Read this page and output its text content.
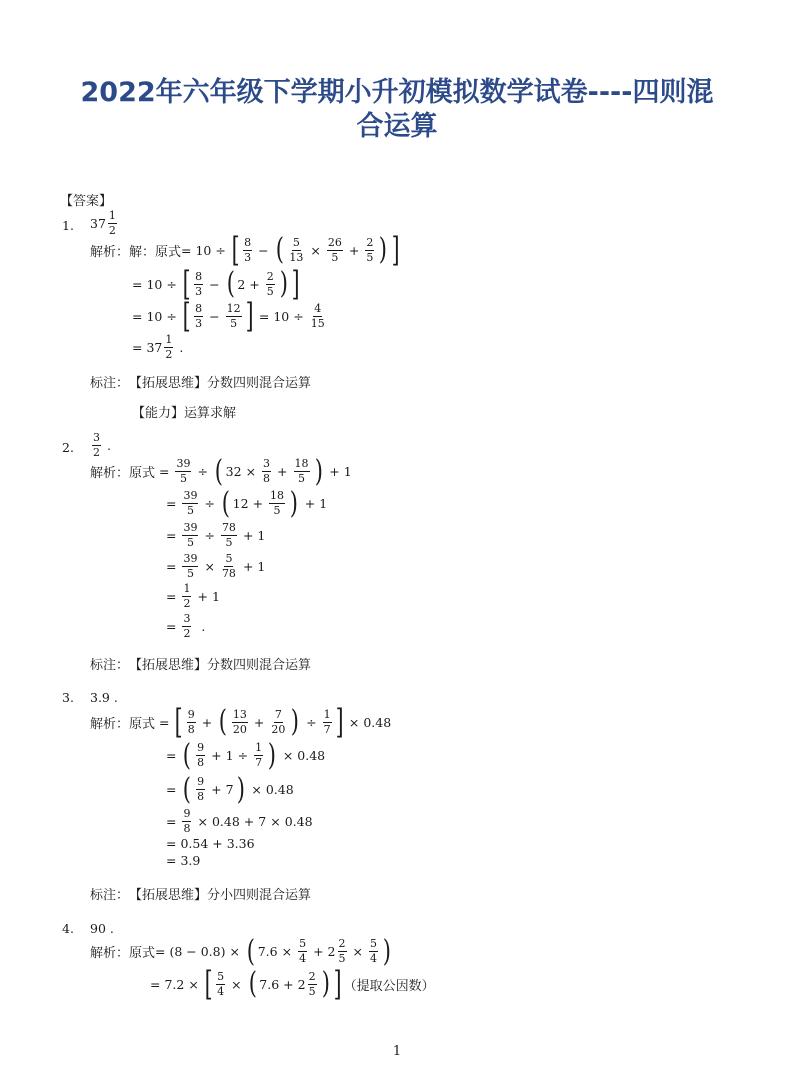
2022年六年级下学期小升初模拟数学试卷----四则混
合运算
【答案】
1. $37 \frac{1}{2}$
解析： 解：原式 = 10 ÷ [ $\frac{8}{3}$ − ( $\frac{5}{13} \times \frac{26}{5} + \frac{2}{5}$ ) ]
= 10 ÷ [ $\frac{8}{3}$ − ( $2 + \frac{2}{5}$ ) ]
= 10 ÷ [ $\frac{8}{3} - \frac{12}{5}$ ] = $10 \div \frac{4}{15}$
= $37 \frac{1}{2}$ .
标注： 【拓展思维】分数四则混合运算
【能力】运算求解
2. $\frac{3}{2}$ .
解析： 原式 = $\frac{39}{5}$ ÷ ( $32 \times \frac{3}{8} + \frac{18}{5}$ ) + 1
= $\frac{39}{5}$ ÷ ( $12 + \frac{18}{5}$ ) + 1
= $\frac{39}{5} \div \frac{78}{5} + 1$
= $\frac{39}{5} \times \frac{5}{78} + 1$
= $\frac{1}{2} + 1$
= $\frac{3}{2}$ .
标注： 【拓展思维】分数四则混合运算
3. 3.9 .
解析： 原式 = [ $\frac{9}{8}$ + ( $\frac{13}{20} + \frac{7}{20}$ ) ÷ $\frac{1}{7}$ ] × 0.48
= ( $\frac{9}{8} + 1 \div \frac{1}{7}$ ) × 0.48
= ( $\frac{9}{8} + 7$ ) × 0.48
= $\frac{9}{8} \times 0.48 + 7 \times 0.48$
= 0.54 + 3.36
= 3.9
标注： 【拓展思维】分小四则混合运算
4. 90 .
解析： 原式 = (8 − 0.8) × ( $7.6 \times \frac{5}{4} + 2 \frac{2}{5} \times \frac{5}{4}$ )
= 7.2 × [ $\frac{5}{4}$ × ( $7.6 + 2 \frac{2}{5}$ ) ] （提取公因数）
1
